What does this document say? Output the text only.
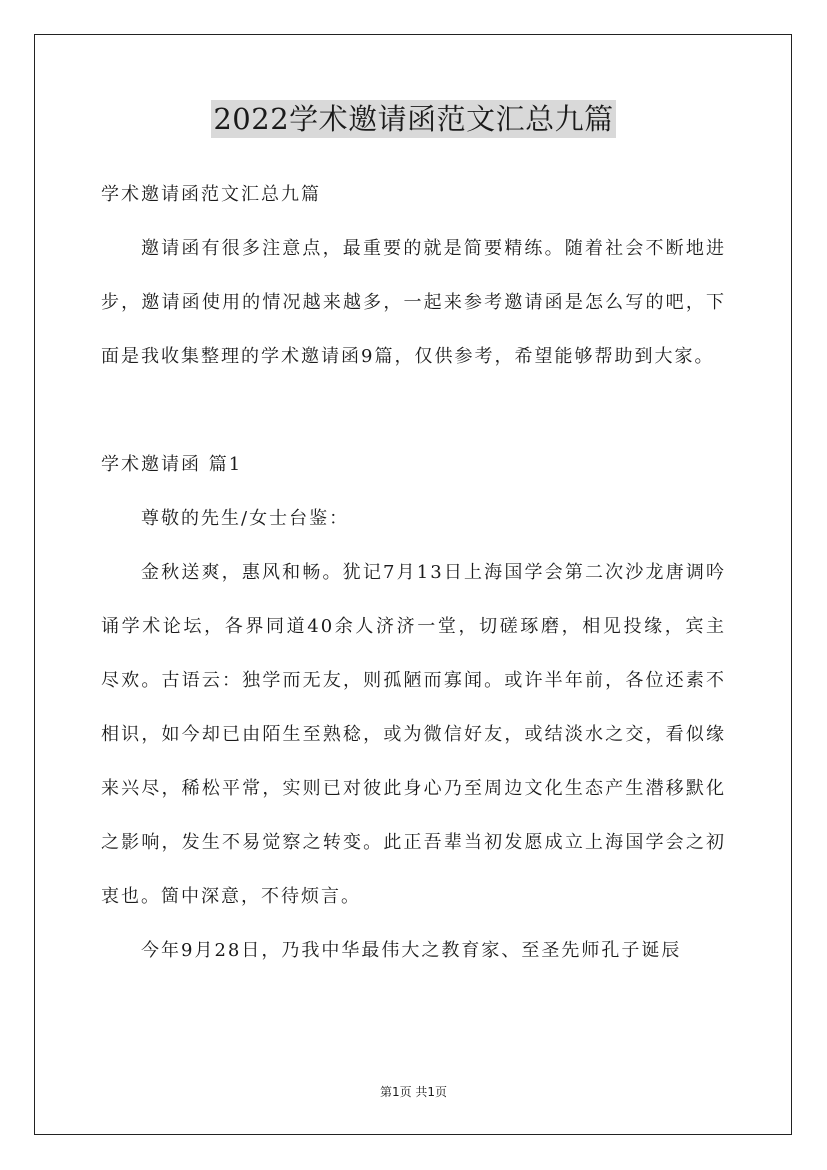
2022学术邀请函范文汇总九篇

学术邀请函范文汇总九篇

邀请函有很多注意点，最重要的就是简要精练。随着社会不断地进步，邀请函使用的情况越来越多，一起来参考邀请函是怎么写的吧，下面是我收集整理的学术邀请函9篇，仅供参考，希望能够帮助到大家。

学术邀请函 篇1

尊敬的先生/女士台鉴：

金秋送爽，惠风和畅。犹记7月13日上海国学会第二次沙龙唐调吟诵学术论坛，各界同道40余人济济一堂，切磋琢磨，相见投缘，宾主尽欢。古语云：独学而无友，则孤陋而寡闻。或许半年前，各位还素不相识，如今却已由陌生至熟稔，或为微信好友，或结淡水之交，看似缘来兴尽，稀松平常，实则已对彼此身心乃至周边文化生态产生潜移默化之影响，发生不易觉察之转变。此正吾辈当初发愿成立上海国学会之初衷也。箇中深意，不待烦言。

今年9月28日，乃我中华最伟大之教育家、至圣先师孔子诞辰

第1页 共1页
